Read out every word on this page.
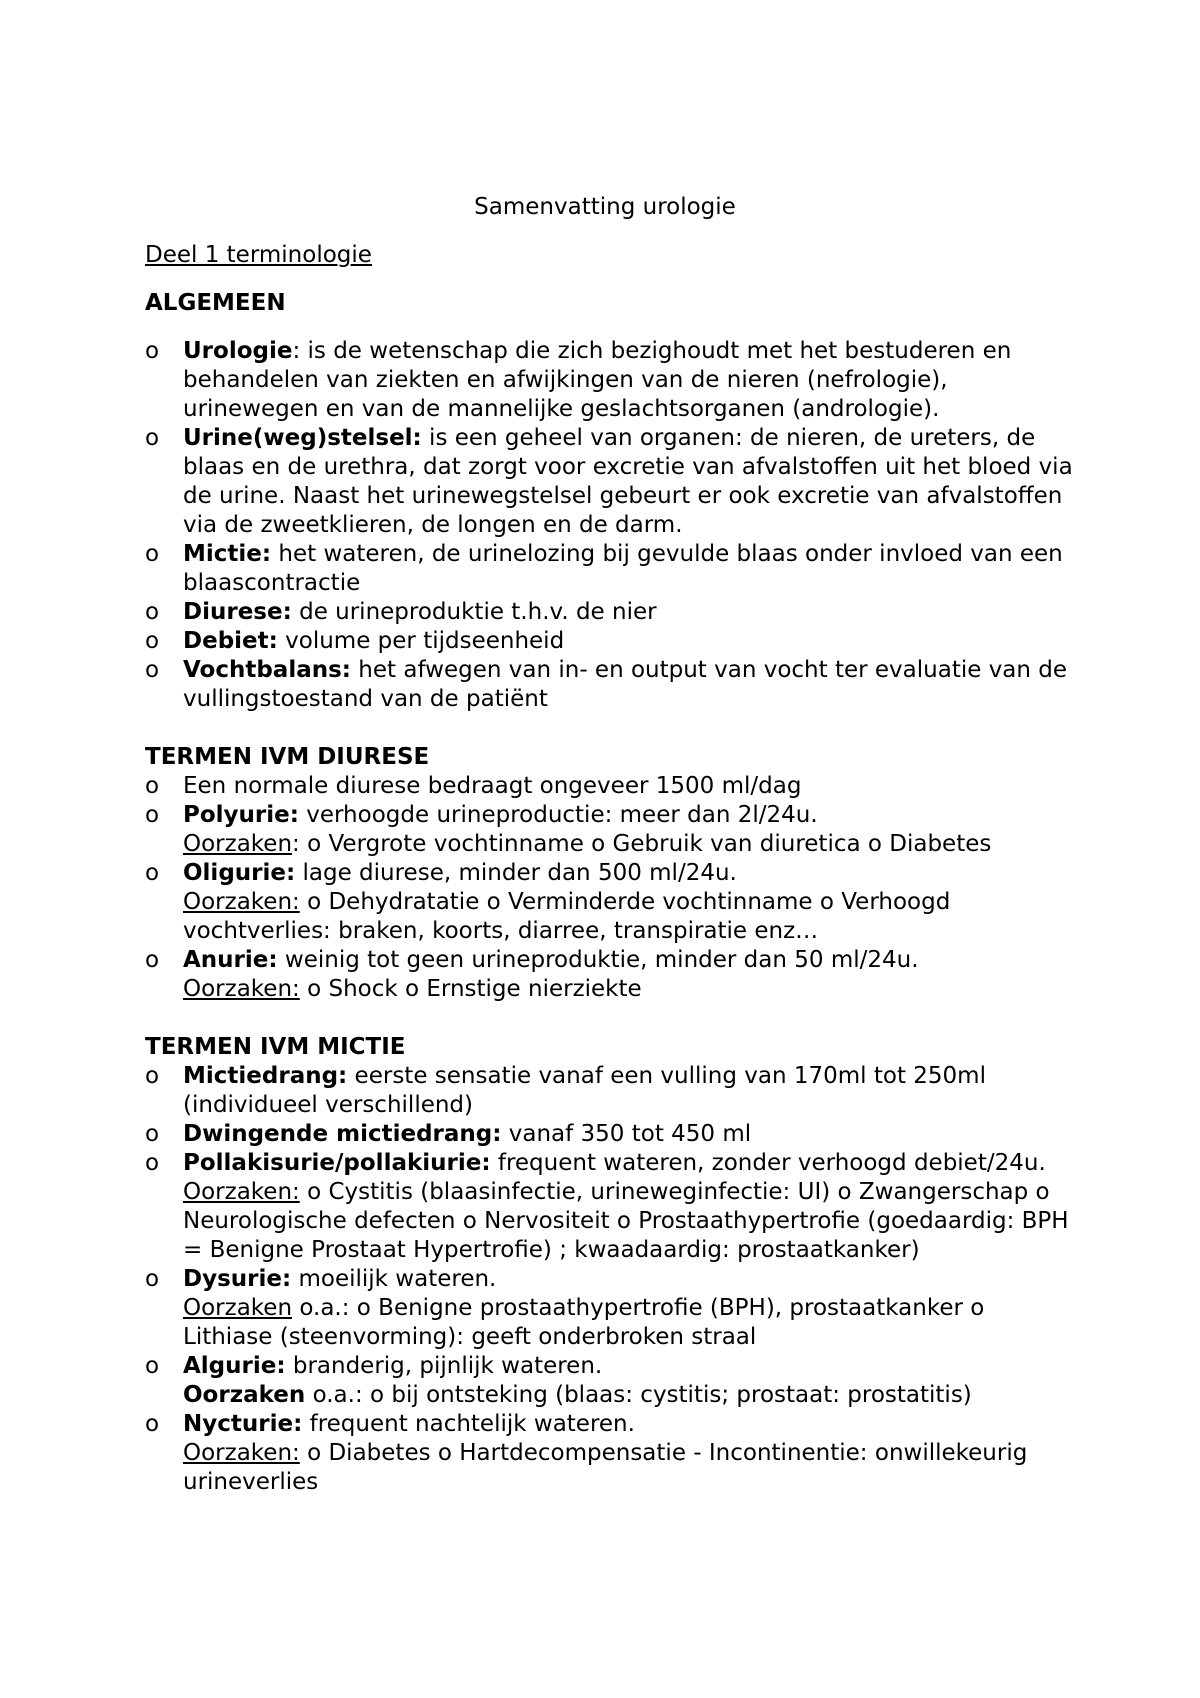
Samenvatting urologie

Deel 1 terminologie

ALGEMEEN

o Urologie: is de wetenschap die zich bezighoudt met het bestuderen en behandelen van ziekten en afwijkingen van de nieren (nefrologie), urinewegen en van de mannelijke geslachtsorganen (andrologie).
o Urine(weg)stelsel: is een geheel van organen: de nieren, de ureters, de blaas en de urethra, dat zorgt voor excretie van afvalstoffen uit het bloed via de urine. Naast het urinewegstelsel gebeurt er ook excretie van afvalstoffen via de zweetklieren, de longen en de darm.
o Mictie: het wateren, de urinelozing bij gevulde blaas onder invloed van een blaascontractie
o Diurese: de urineproduktie t.h.v. de nier
o Debiet: volume per tijdseenheid
o Vochtbalans: het afwegen van in- en output van vocht ter evaluatie van de vullingstoestand van de patiënt

TERMEN IVM DIURESE

o Een normale diurese bedraagt ongeveer 1500 ml/dag
o Polyurie: verhoogde urineproductie: meer dan 2l/24u.
Oorzaken: o Vergrote vochtinname o Gebruik van diuretica o Diabetes
o Oligurie: lage diurese, minder dan 500 ml/24u.
Oorzaken: o Dehydratatie o Verminderde vochtinname o Verhoogd vochtverlies: braken, koorts, diarree, transpiratie enz…
o Anurie: weinig tot geen urineproduktie, minder dan 50 ml/24u.
Oorzaken: o Shock o Ernstige nierziekte

TERMEN IVM MICTIE

o Mictiedrang: eerste sensatie vanaf een vulling van 170ml tot 250ml (individueel verschillend)
o Dwingende mictiedrang: vanaf 350 tot 450 ml
o Pollakisurie/pollakiurie: frequent wateren, zonder verhoogd debiet/24u.
Oorzaken: o Cystitis (blaasinfectie, urineweginfectie: UI) o Zwangerschap o Neurologische defecten o Nervositeit o Prostaathypertrofie (goedaardig: BPH = Benigne Prostaat Hypertrofie) ; kwaadaardig: prostaatkanker)
o Dysurie: moeilijk wateren.
Oorzaken o.a.: o Benigne prostaathypertrofie (BPH), prostaatkanker o Lithiase (steenvorming): geeft onderbroken straal
o Algurie: branderig, pijnlijk wateren.
Oorzaken o.a.: o bij ontsteking (blaas: cystitis; prostaat: prostatitis)
o Nycturie: frequent nachtelijk wateren.
Oorzaken: o Diabetes o Hartdecompensatie - Incontinentie: onwillekeurig urineverlies
